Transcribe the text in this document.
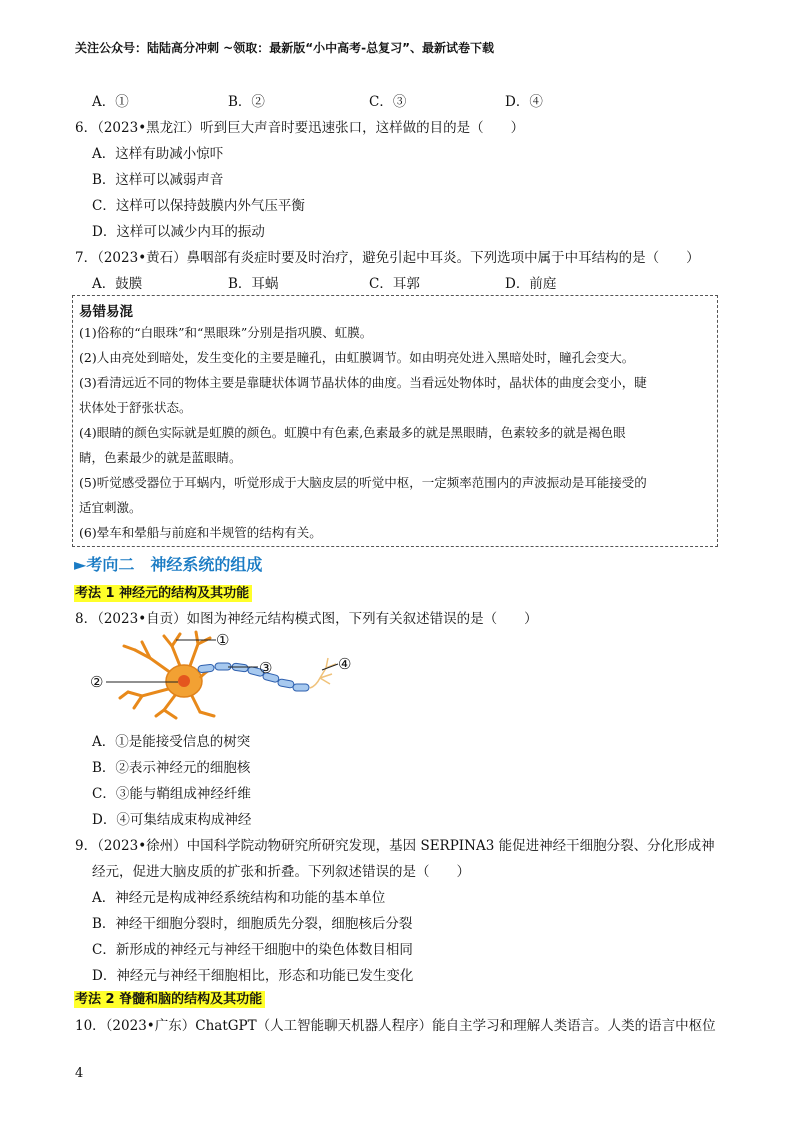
关注公众号：陆陆高分冲刺 ~领取：最新版“小中高考-总复习”、最新试卷下载
A．①	B．②	C．③	D．④
6．（2023•黑龙江）听到巨大声音时要迅速张口，这样做的目的是（　　）
A．这样有助减小惊吓
B．这样可以减弱声音
C．这样可以保持鼓膜内外气压平衡
D．这样可以减少内耳的振动
7．（2023•黄石）鼻咽部有炎症时要及时治疗，避免引起中耳炎。下列选项中属于中耳结构的是（　　）
A．鼓膜	B．耳蜗	C．耳郭	D．前庭
易错易混
(1)俗称的“白眼珠”和“黑眼珠”分别是指巩膜、虹膜。
(2)人由亮处到暗处，发生变化的主要是瞳孔，由虹膜调节。如由明亮处进入黑暗处时，瞳孔会变大。
(3)看清远近不同的物体主要是靠睫状体调节晶状体的曲度。当看远处物体时，晶状体的曲度会变小，睫
状体处于舒张状态。
(4)眼睛的颜色实际就是虹膜的颜色。虹膜中有色素,色素最多的就是黑眼睛，色素较多的就是褐色眼
睛，色素最少的就是蓝眼睛。
(5)听觉感受器位于耳蜗内，听觉形成于大脑皮层的听觉中枢，一定频率范围内的声波振动是耳能接受的
适宜刺激。
(6)晕车和晕船与前庭和半规管的结构有关。
►考向二　神经系统的组成
考法 1 神经元的结构及其功能
8．（2023•自贡）如图为神经元结构模式图，下列有关叙述错误的是（　　）
①
②
③	④
A．①是能接受信息的树突
B．②表示神经元的细胞核
C．③能与鞘组成神经纤维
D．④可集结成束构成神经
9．（2023•徐州）中国科学院动物研究所研究发现，基因 SERPINA3 能促进神经干细胞分裂、分化形成神
经元，促进大脑皮质的扩张和折叠。下列叙述错误的是（　　）
A．神经元是构成神经系统结构和功能的基本单位
B．神经干细胞分裂时，细胞质先分裂，细胞核后分裂
C．新形成的神经元与神经干细胞中的染色体数目相同
D．神经元与神经干细胞相比，形态和功能已发生变化
考法 2 脊髓和脑的结构及其功能
10．（2023•广东）ChatGPT（人工智能聊天机器人程序）能自主学习和理解人类语言。人类的语言中枢位
4
